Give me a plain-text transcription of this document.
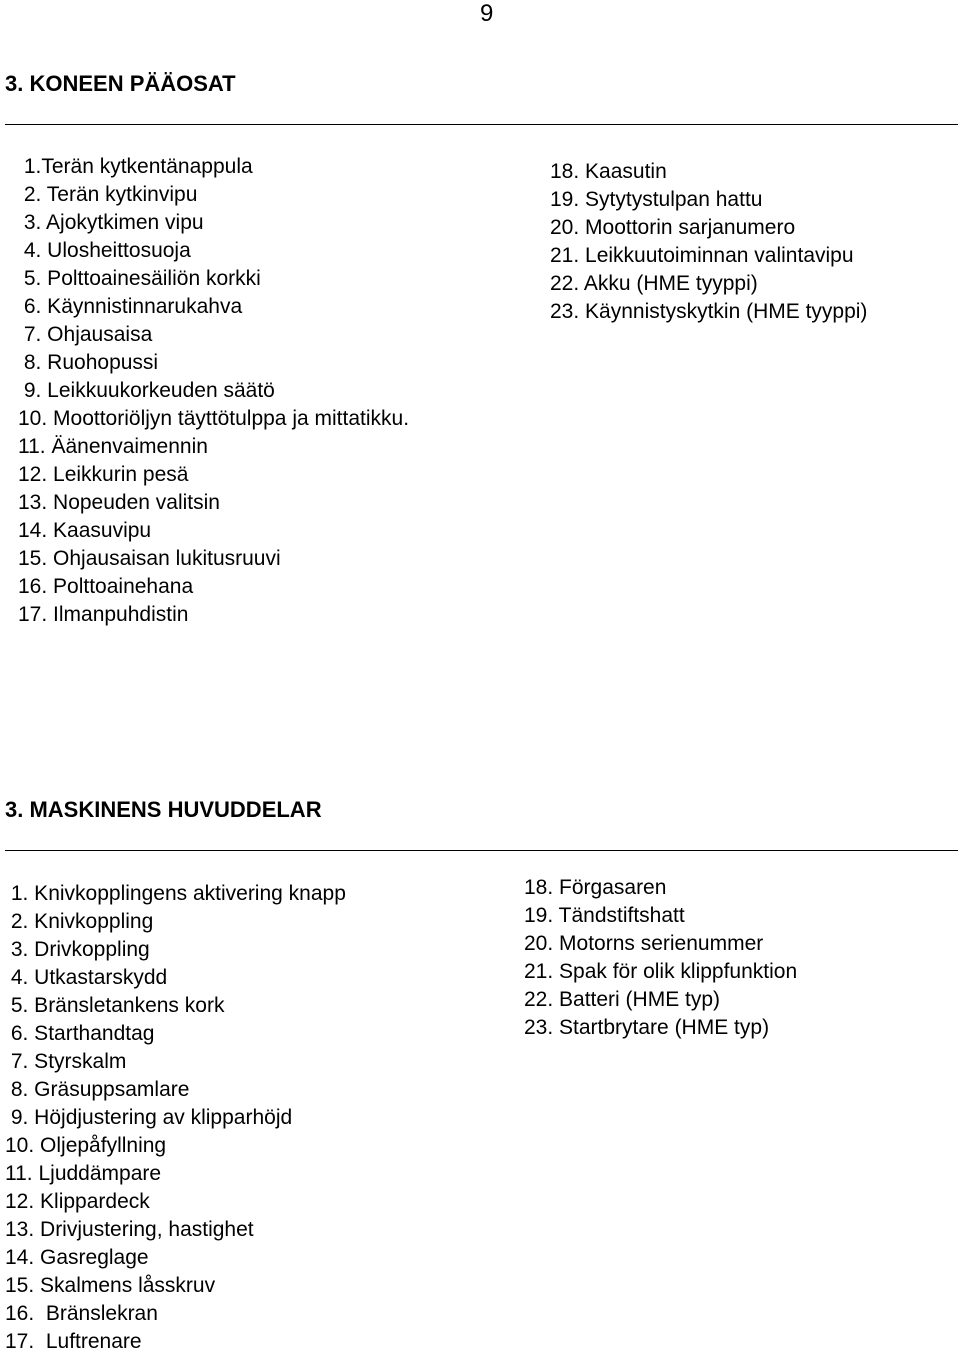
9
3. KONEEN PÄÄOSAT
1.Terän kytkentänappula
2. Terän kytkinvipu
3. Ajokytkimen vipu
4. Ulosheittosuoja
5. Polttoainesäiliön korkki
6. Käynnistinnarukahva
7. Ohjausaisa
8. Ruohopussi
9. Leikkuukorkeuden säätö
10. Moottoriöljyn täyttötulppa ja mittatikku.
11. Äänenvaimennin
12. Leikkurin pesä
13. Nopeuden valitsin
14. Kaasuvipu
15. Ohjausaisan lukitusruuvi
16. Polttoainehana
17. Ilmanpuhdistin
18. Kaasutin
19. Sytytystulpan hattu
20. Moottorin sarjanumero
21. Leikkuutoiminnan valintavipu
22. Akku (HME tyyppi)
23. Käynnistyskytkin (HME tyyppi)
3. MASKINENS HUVUDDELAR
1. Knivkopplingens aktivering knapp
2. Knivkoppling
3. Drivkoppling
4. Utkastarskydd
5. Bränsletankens kork
6. Starthandtag
7. Styrskalm
8. Gräsuppsamlare
9. Höjdjustering av klipparhöjd
10. Oljepåfyllning
11. Ljuddämpare
12. Klippardeck
13. Drivjustering, hastighet
14. Gasreglage
15. Skalmens låsskruv
16.  Bränslekran
17.  Luftrenare
18. Förgasaren
19. Tändstiftshatt
20. Motorns serienummer
21. Spak för olik klippfunktion
22. Batteri (HME typ)
23. Startbrytare (HME typ)
